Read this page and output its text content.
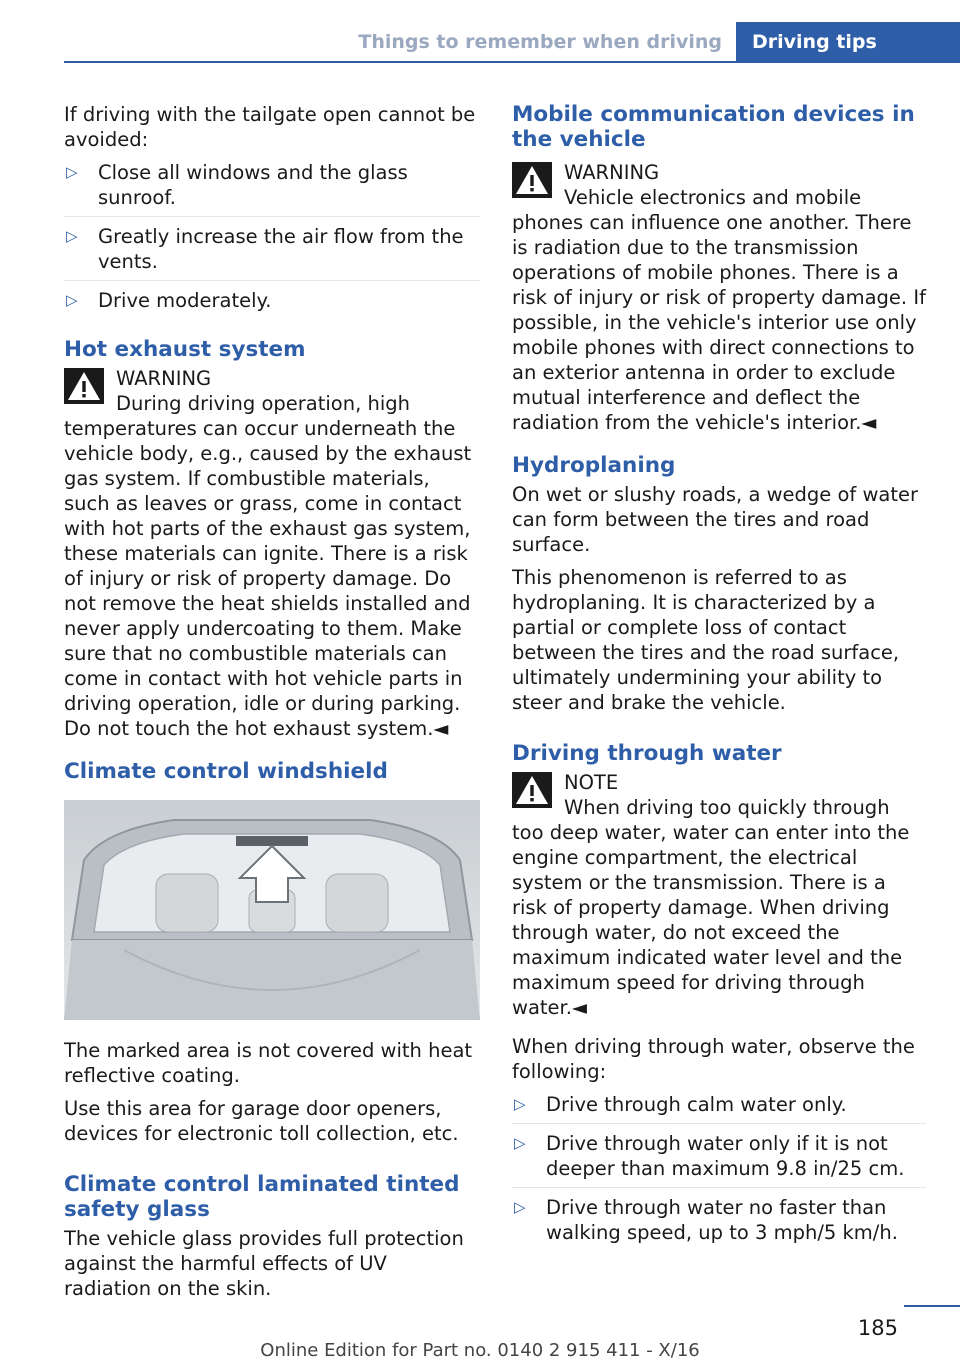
Things to remember when driving	Driving tips

If driving with the tailgate open cannot be avoided:

▷ Close all windows and the glass sunroof.
▷ Greatly increase the air flow from the vents.
▷ Drive moderately.
Hot exhaust system
WARNING
During driving operation, high temperatures can occur underneath the vehicle body, e.g., caused by the exhaust gas system. If combustible materials, such as leaves or grass, come in contact with hot parts of the exhaust gas system, these materials can ignite. There is a risk of injury or risk of property damage. Do not remove the heat shields installed and never apply undercoating to them. Make sure that no combustible materials can come in contact with hot vehicle parts in driving operation, idle or during parking. Do not touch the hot exhaust system.◄
Climate control windshield

The marked area is not covered with heat reflective coating.

Use this area for garage door openers, devices for electronic toll collection, etc.

Climate control laminated tinted safety glass

The vehicle glass provides full protection against the harmful effects of UV radiation on the skin.

Mobile communication devices in the vehicle
WARNING
Vehicle electronics and mobile phones can influence one another. There is radiation due to the transmission operations of mobile phones. There is a risk of injury or risk of property damage. If possible, in the vehicle's interior use only mobile phones with direct connections to an exterior antenna in order to exclude mutual interference and deflect the radiation from the vehicle's interior.◄
Hydroplaning

On wet or slushy roads, a wedge of water can form between the tires and road surface.

This phenomenon is referred to as hydroplaning. It is characterized by a partial or complete loss of contact between the tires and the road surface, ultimately undermining your ability to steer and brake the vehicle.

Driving through water
NOTE
When driving too quickly through too deep water, water can enter into the engine compartment, the electrical system or the transmission. There is a risk of property damage. When driving through water, do not exceed the maximum indicated water level and the maximum speed for driving through water.◄

When driving through water, observe the following:

▷ Drive through calm water only.
▷ Drive through water only if it is not deeper than maximum 9.8 in/25 cm.
▷ Drive through water no faster than walking speed, up to 3 mph/5 km/h.
185
Online Edition for Part no. 0140 2 915 411 - X/16
